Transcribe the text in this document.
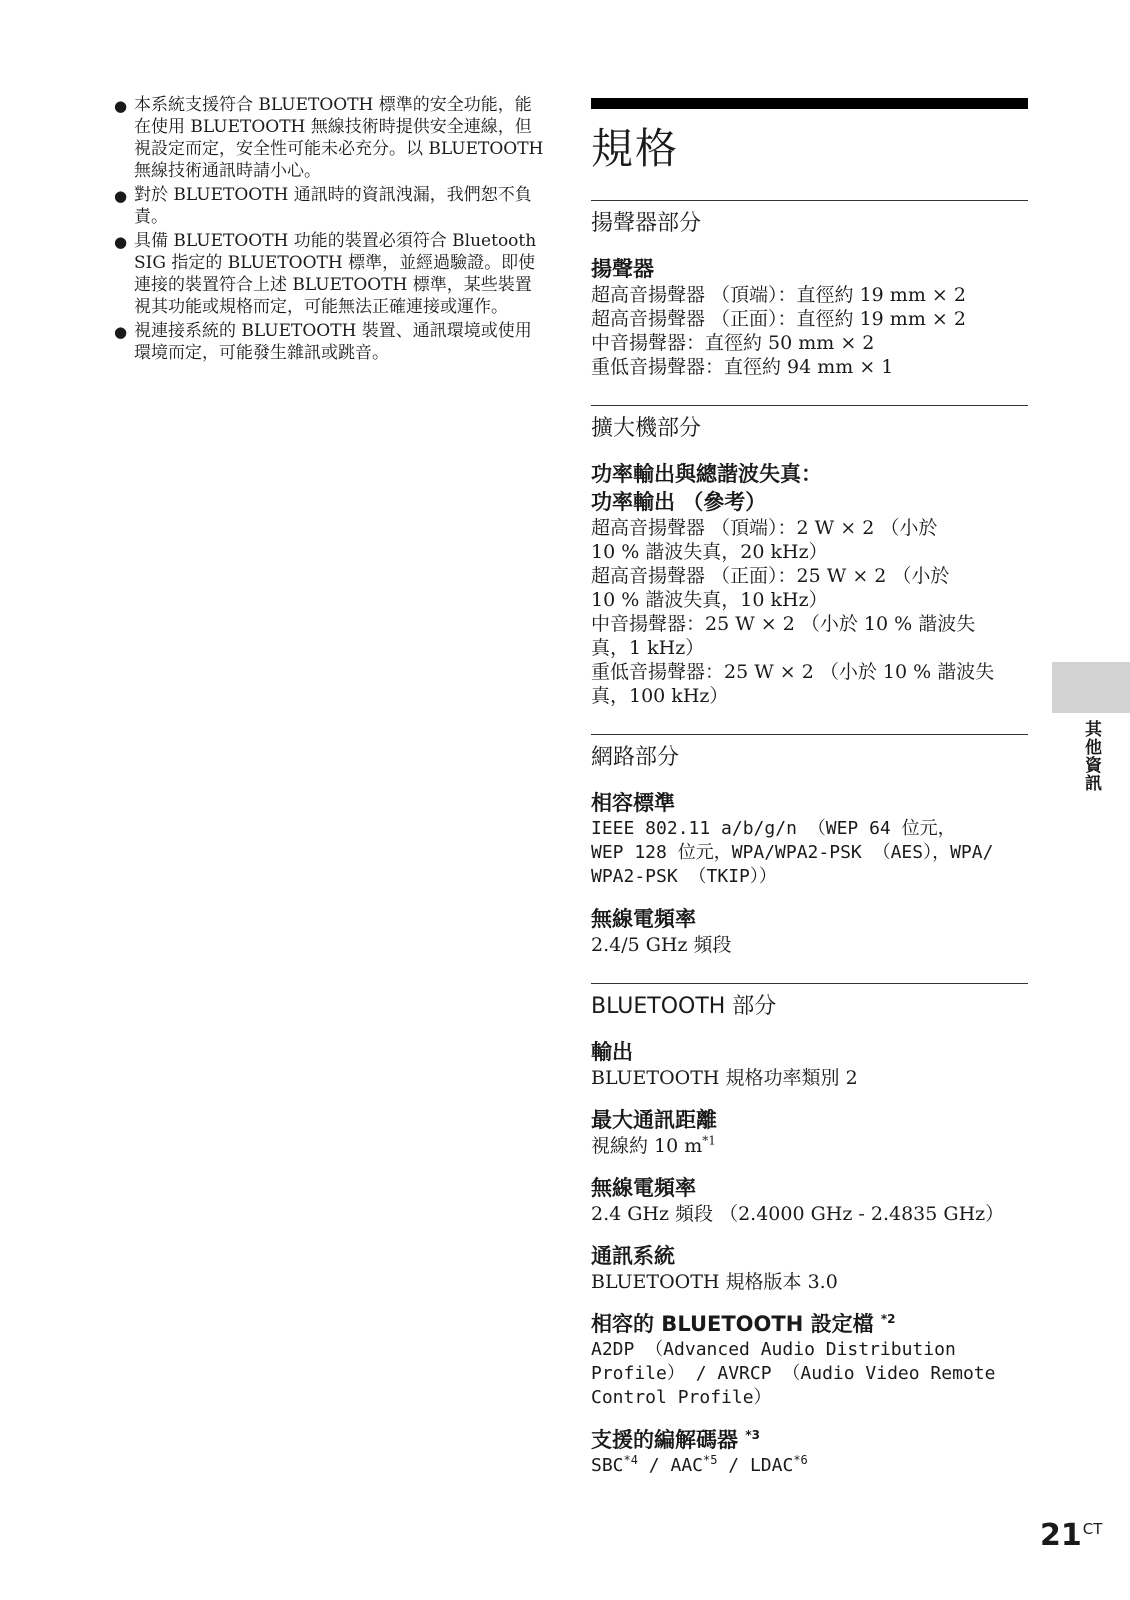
● 本系統支援符合 BLUETOOTH 標準的安全功能，能在使用 BLUETOOTH 無線技術時提供安全連線，但視設定而定，安全性可能未必充分。以 BLUETOOTH 無線技術通訊時請小心。
● 對於 BLUETOOTH 通訊時的資訊洩漏，我們恕不負責。
● 具備 BLUETOOTH 功能的裝置必須符合 Bluetooth SIG 指定的 BLUETOOTH 標準，並經過驗證。即使連接的裝置符合上述 BLUETOOTH 標準，某些裝置視其功能或規格而定，可能無法正確連接或運作。
● 視連接系統的 BLUETOOTH 裝置、通訊環境或使用環境而定，可能發生雜訊或跳音。
規格
揚聲器部分
揚聲器
超高音揚聲器 （頂端）：直徑約 19 mm × 2
超高音揚聲器 （正面）：直徑約 19 mm × 2
中音揚聲器：直徑約 50 mm × 2
重低音揚聲器：直徑約 94 mm × 1
擴大機部分
功率輸出與總諧波失真：
功率輸出 （參考）
超高音揚聲器 （頂端）：2 W × 2 （小於
10 % 諧波失真，20 kHz）
超高音揚聲器 （正面）：25 W × 2 （小於
10 % 諧波失真，10 kHz）
中音揚聲器：25 W × 2 （小於 10 % 諧波失
真，1 kHz）
重低音揚聲器：25 W × 2 （小於 10 % 諧波失
真，100 kHz）
網路部分
相容標準
IEEE 802.11 a/b/g/n （WEP 64 位元，
WEP 128 位元，WPA/WPA2-PSK （AES），WPA/
WPA2-PSK （TKIP））
無線電頻率
2.4/5 GHz 頻段
BLUETOOTH 部分
輸出
BLUETOOTH 規格功率類別 2
最大通訊距離
視線約 10 $m^{*1}$
無線電頻率
2.4 GHz 頻段 （2.4000 GHz - 2.4835 GHz）
通訊系統
BLUETOOTH 規格版本 3.0
相容的 BLUETOOTH 設定檔 $^{*2}$
A2DP （Advanced Audio Distribution
Profile） / AVRCP （Audio Video Remote
Control Profile）
支援的編解碼器 $^{*3}$
SBC$^{*4}$ / AAC$^{*5}$ / LDAC$^{*6}$
其他資訊
$21^{CT}$
